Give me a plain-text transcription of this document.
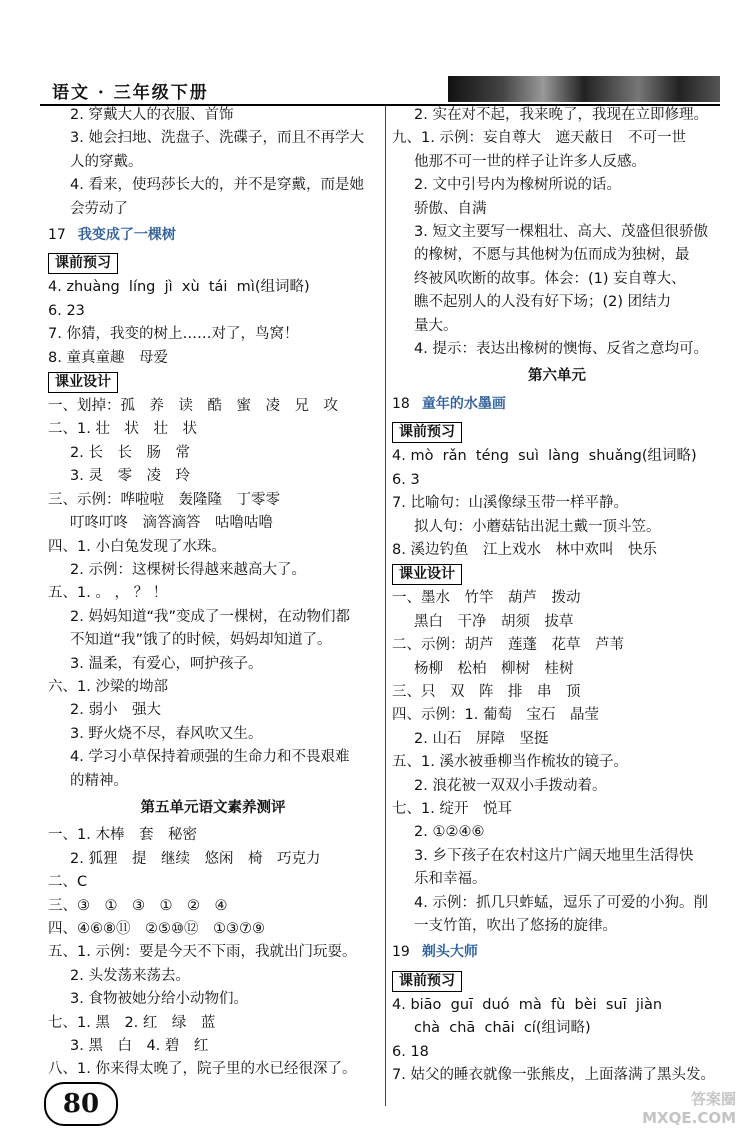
语文 · 三年级下册
2. 穿戴大人的衣服、首饰
3. 她会扫地、洗盘子、洗碟子，而且不再学大
人的穿戴。
4. 看来，使玛莎长大的，并不是穿戴，而是她
会劳动了
17 我变成了一棵树
课前预习
4. zhuàng  líng  jì  xù  tái  mì(组词略)
6. 23
7. 你猜，我变的树上……对了，鸟窝！
8. 童真童趣　母爱
课业设计
一、划掉：孤　养　读　酷　蜜　凌　兄　攻
二、1. 壮　状　壮　状
2. 长　长　肠　常
3. 灵　零　凌　玲
三、示例：哗啦啦　轰隆隆　丁零零
叮咚叮咚　滴答滴答　咕噜咕噜
四、1. 小白兔发现了水珠。
2. 示例：这棵树长得越来越高大了。
五、1. 。 ， ？ ！
2. 妈妈知道“我”变成了一棵树，在动物们都
不知道“我”饿了的时候，妈妈却知道了。
3. 温柔，有爱心，呵护孩子。
六、1. 沙梁的坳部
2. 弱小　强大
3. 野火烧不尽，春风吹又生。
4. 学习小草保持着顽强的生命力和不畏艰难
的精神。
第五单元语文素养测评
一、1. 木棒　套　秘密
2. 狐狸　提　继续　悠闲　椅　巧克力
二、C
三、③　①　③　①　②　④
四、④⑥⑧⑪　②⑤⑩⑫　①③⑦⑨
五、1. 示例：要是今天不下雨，我就出门玩耍。
2. 头发荡来荡去。
3. 食物被她分给小动物们。
七、1. 黑　2. 红　绿　蓝
3. 黑　白　4. 碧　红
八、1. 你来得太晚了，院子里的水已经很深了。
2. 实在对不起，我来晚了，我现在立即修理。
九、1. 示例：妄自尊大　遮天蔽日　不可一世
他那不可一世的样子让许多人反感。
2. 文中引号内为橡树所说的话。
骄傲、自满
3. 短文主要写一棵粗壮、高大、茂盛但很骄傲
的橡树，不愿与其他树为伍而成为独树，最
终被风吹断的故事。体会：(1) 妄自尊大、
瞧不起别人的人没有好下场；(2) 团结力
量大。
4. 提示：表达出橡树的懊悔、反省之意均可。
第六单元
18 童年的水墨画
课前预习
4. mò  rǎn  téng  suì  làng  shuǎng(组词略)
6. 3
7. 比喻句：山溪像绿玉带一样平静。
拟人句：小蘑菇钻出泥土戴一顶斗笠。
8. 溪边钓鱼　江上戏水　林中欢叫　快乐
课业设计
一、墨水　竹竿　葫芦　拨动
黑白　干净　胡须　拔草
二、示例：胡芦　莲蓬　花草　芦苇
杨柳　松柏　柳树　桂树
三、只　双　阵　排　串　顶
四、示例：1. 葡萄　宝石　晶莹
2. 山石　屏障　坚挺
五、1. 溪水被垂柳当作梳妆的镜子。
2. 浪花被一双双小手拨动着。
七、1. 绽开　悦耳
2. ①②④⑥
3. 乡下孩子在农村这片广阔天地里生活得快
乐和幸福。
4. 示例：抓几只蚱蜢，逗乐了可爱的小狗。削
一支竹笛，吹出了悠扬的旋律。
19 剃头大师
课前预习
4. biāo  guī  duó  mà  fù  bèi  suī  jiàn
chà  chā  chāi  cí(组词略)
6. 18
7. 姑父的睡衣就像一张熊皮，上面落满了黑头发。
80	答案圈
MXQE.COM
